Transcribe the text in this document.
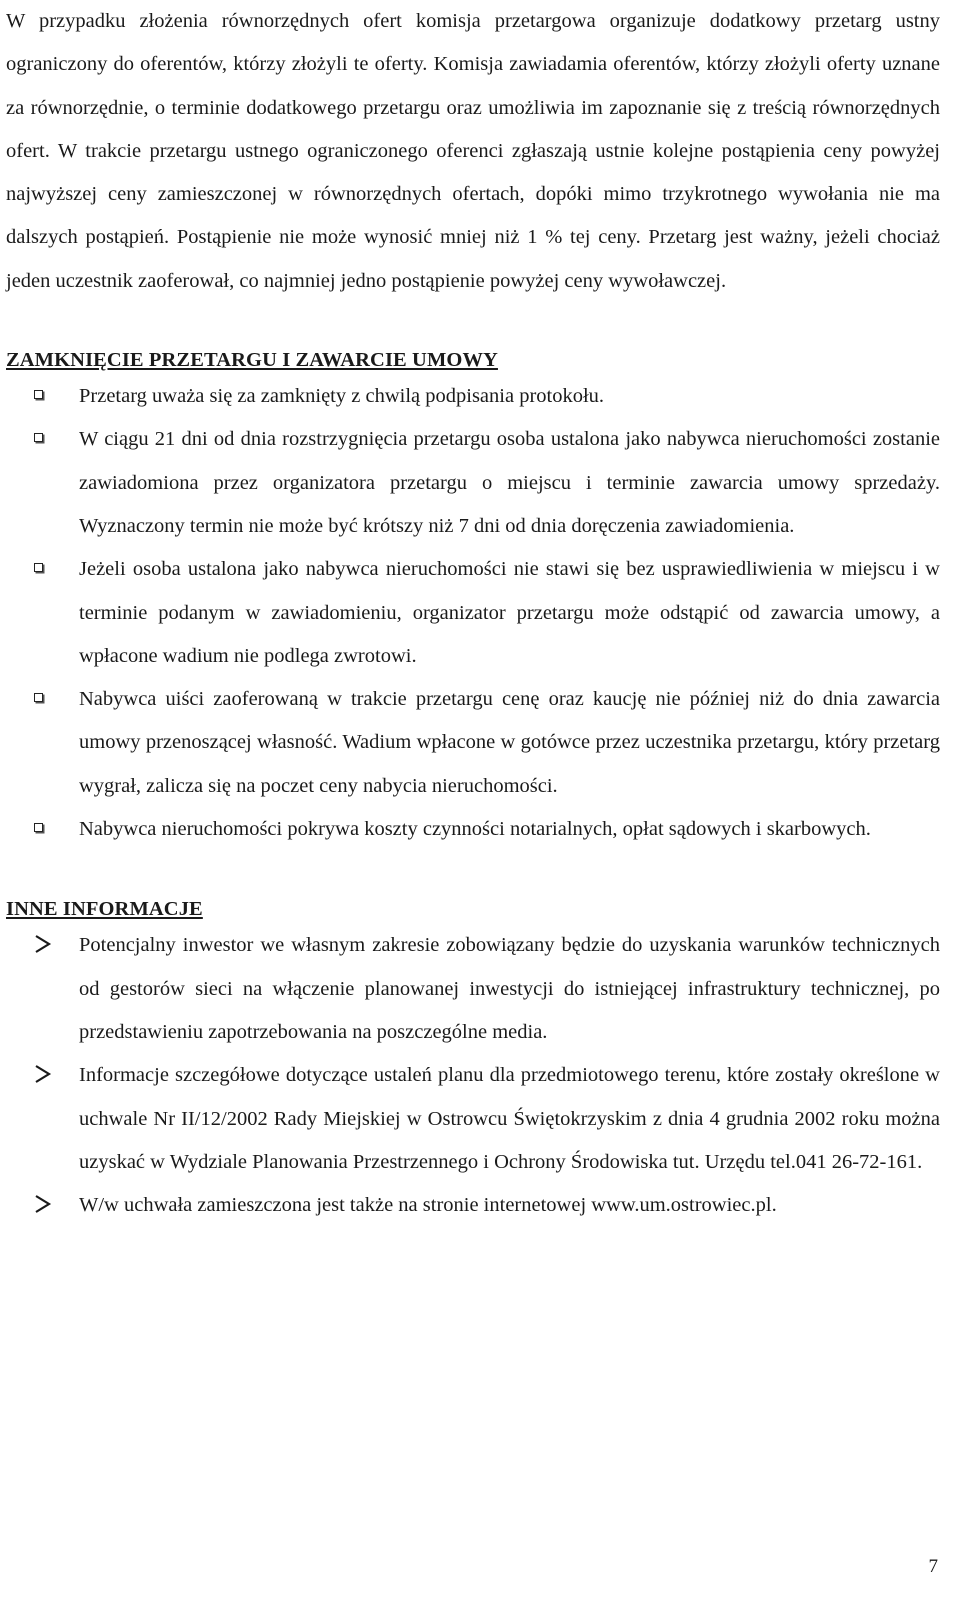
W przypadku złożenia równorzędnych ofert komisja przetargowa organizuje dodatkowy przetarg ustny ograniczony do oferentów, którzy złożyli te oferty. Komisja zawiadamia oferentów, którzy złożyli oferty uznane za równorzędnie, o terminie dodatkowego przetargu oraz umożliwia im zapoznanie się z treścią równorzędnych ofert. W trakcie przetargu ustnego ograniczonego oferenci zgłaszają ustnie kolejne postąpienia ceny powyżej najwyższej ceny zamieszczonej w równorzędnych ofertach, dopóki mimo trzykrotnego wywołania nie ma dalszych postąpień. Postąpienie nie może wynosić mniej niż 1 % tej ceny. Przetarg jest ważny, jeżeli chociaż jeden uczestnik zaoferował, co najmniej jedno postąpienie powyżej ceny wywoławczej.

ZAMKNIĘCIE PRZETARGU I ZAWARCIE UMOWY

Przetarg uważa się za zamknięty z chwilą podpisania protokołu.

W ciągu 21 dni od dnia rozstrzygnięcia przetargu osoba ustalona jako nabywca nieruchomości zostanie zawiadomiona przez organizatora przetargu o miejscu i terminie zawarcia umowy sprzedaży. Wyznaczony termin nie może być krótszy niż 7 dni od dnia doręczenia zawiadomienia.

Jeżeli osoba ustalona jako nabywca nieruchomości nie stawi się bez usprawiedliwienia w miejscu i w terminie podanym w zawiadomieniu, organizator przetargu może odstąpić od zawarcia umowy, a wpłacone wadium nie podlega zwrotowi.

Nabywca uiści zaoferowaną w trakcie przetargu cenę oraz kaucję nie później niż do dnia zawarcia umowy przenoszącej własność. Wadium wpłacone w gotówce przez uczestnika przetargu, który przetarg wygrał, zalicza się na poczet ceny nabycia nieruchomości.

Nabywca nieruchomości pokrywa koszty czynności notarialnych, opłat sądowych i skarbowych.

INNE INFORMACJE

Potencjalny inwestor we własnym zakresie zobowiązany będzie do uzyskania warunków technicznych od gestorów sieci na włączenie planowanej inwestycji do istniejącej infrastruktury technicznej, po przedstawieniu zapotrzebowania na poszczególne media.

Informacje szczegółowe dotyczące ustaleń planu dla przedmiotowego terenu, które zostały określone w uchwale Nr II/12/2002 Rady Miejskiej w Ostrowcu Świętokrzyskim z dnia 4 grudnia 2002 roku można uzyskać w Wydziale Planowania Przestrzennego i Ochrony Środowiska tut. Urzędu tel.041 26-72-161.

W/w uchwała zamieszczona jest także na stronie internetowej www.um.ostrowiec.pl.

7
